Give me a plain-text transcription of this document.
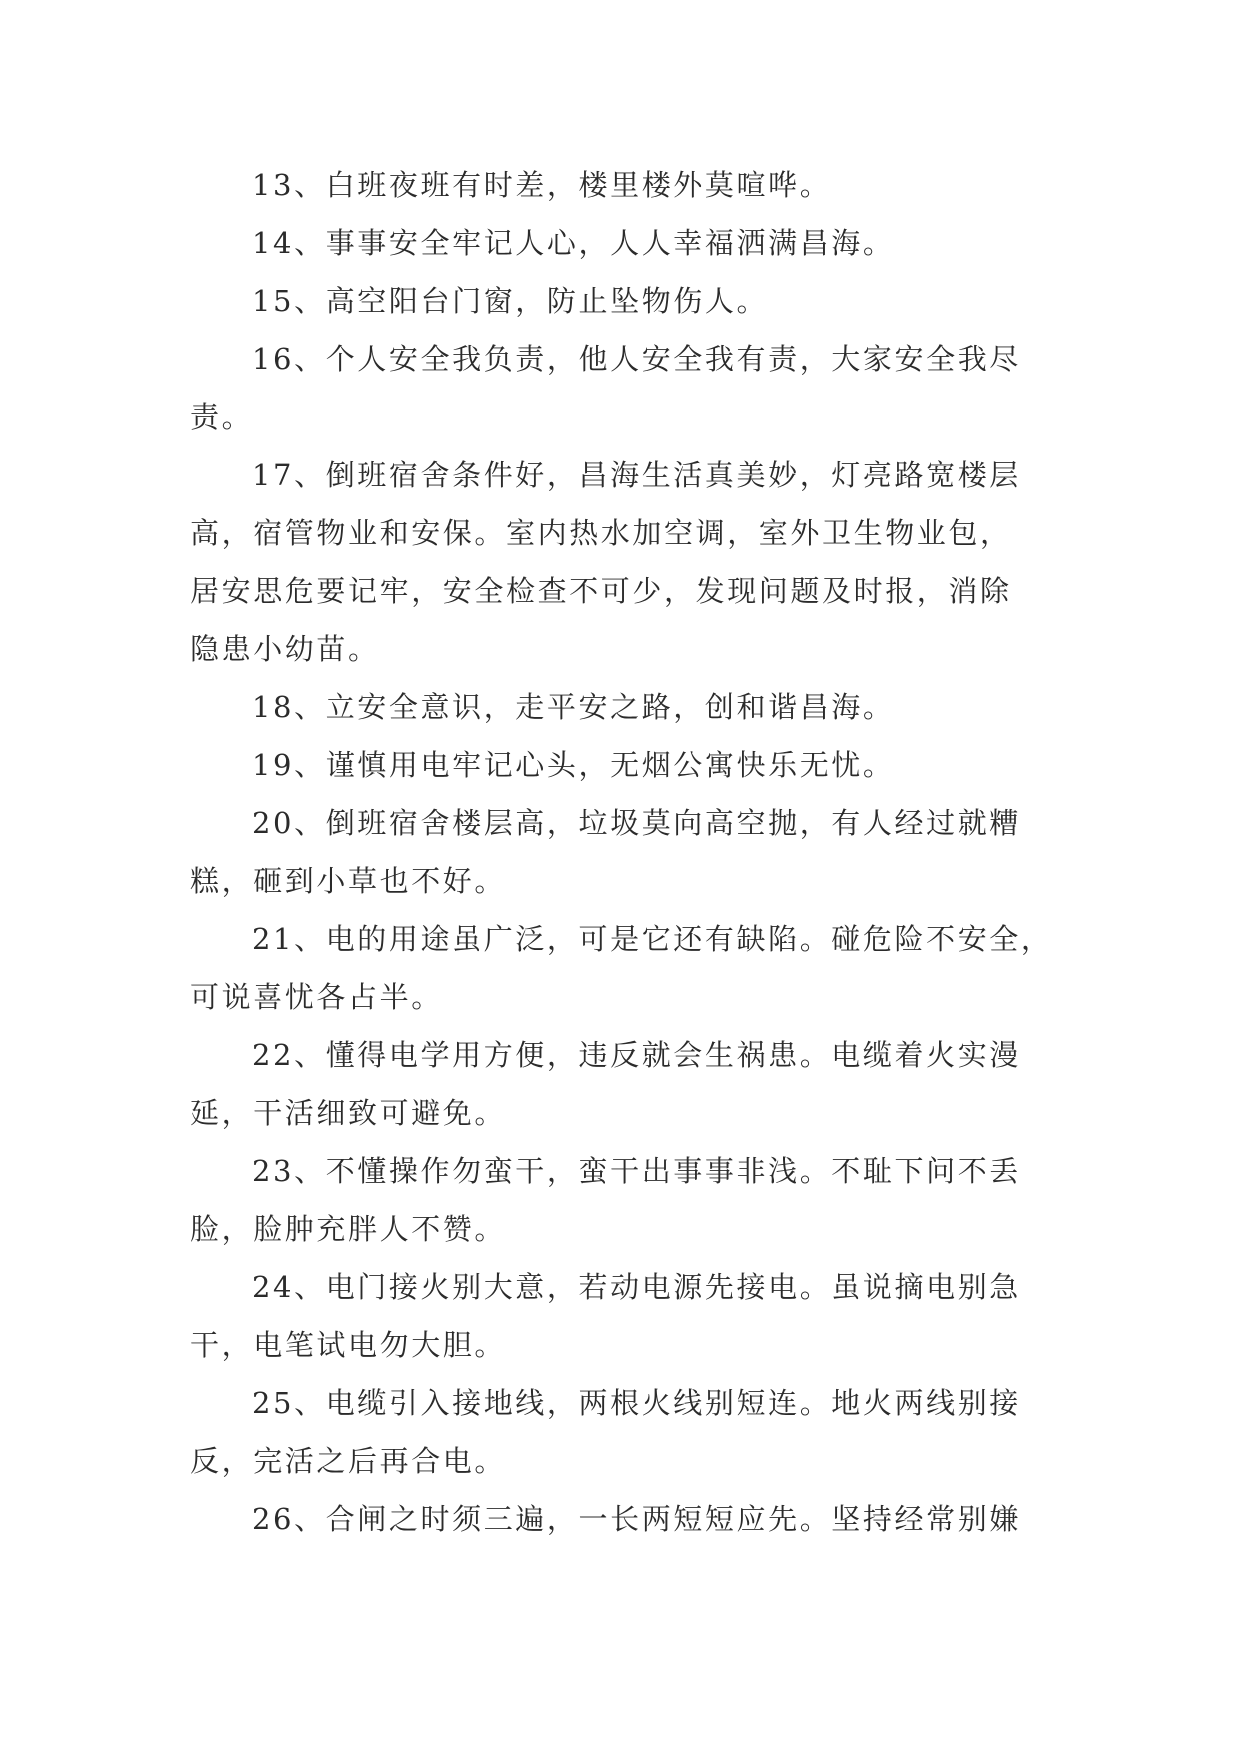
13、白班夜班有时差，楼里楼外莫喧哗。
14、事事安全牢记人心，人人幸福洒满昌海。
15、高空阳台门窗，防止坠物伤人。
16、个人安全我负责，他人安全我有责，大家安全我尽
责。
17、倒班宿舍条件好，昌海生活真美妙，灯亮路宽楼层
高，宿管物业和安保。室内热水加空调，室外卫生物业包，
居安思危要记牢，安全检查不可少，发现问题及时报，消除
隐患小幼苗。
18、立安全意识，走平安之路，创和谐昌海。
19、谨慎用电牢记心头，无烟公寓快乐无忧。
20、倒班宿舍楼层高，垃圾莫向高空抛，有人经过就糟
糕，砸到小草也不好。
21、电的用途虽广泛，可是它还有缺陷。碰危险不安全，
可说喜忧各占半。
22、懂得电学用方便，违反就会生祸患。电缆着火实漫
延，干活细致可避免。
23、不懂操作勿蛮干，蛮干出事事非浅。不耻下问不丢
脸，脸肿充胖人不赞。
24、电门接火别大意，若动电源先接电。虽说摘电别急
干，电笔试电勿大胆。
25、电缆引入接地线，两根火线别短连。地火两线别接
反，完活之后再合电。
26、合闸之时须三遍，一长两短短应先。坚持经常别嫌
